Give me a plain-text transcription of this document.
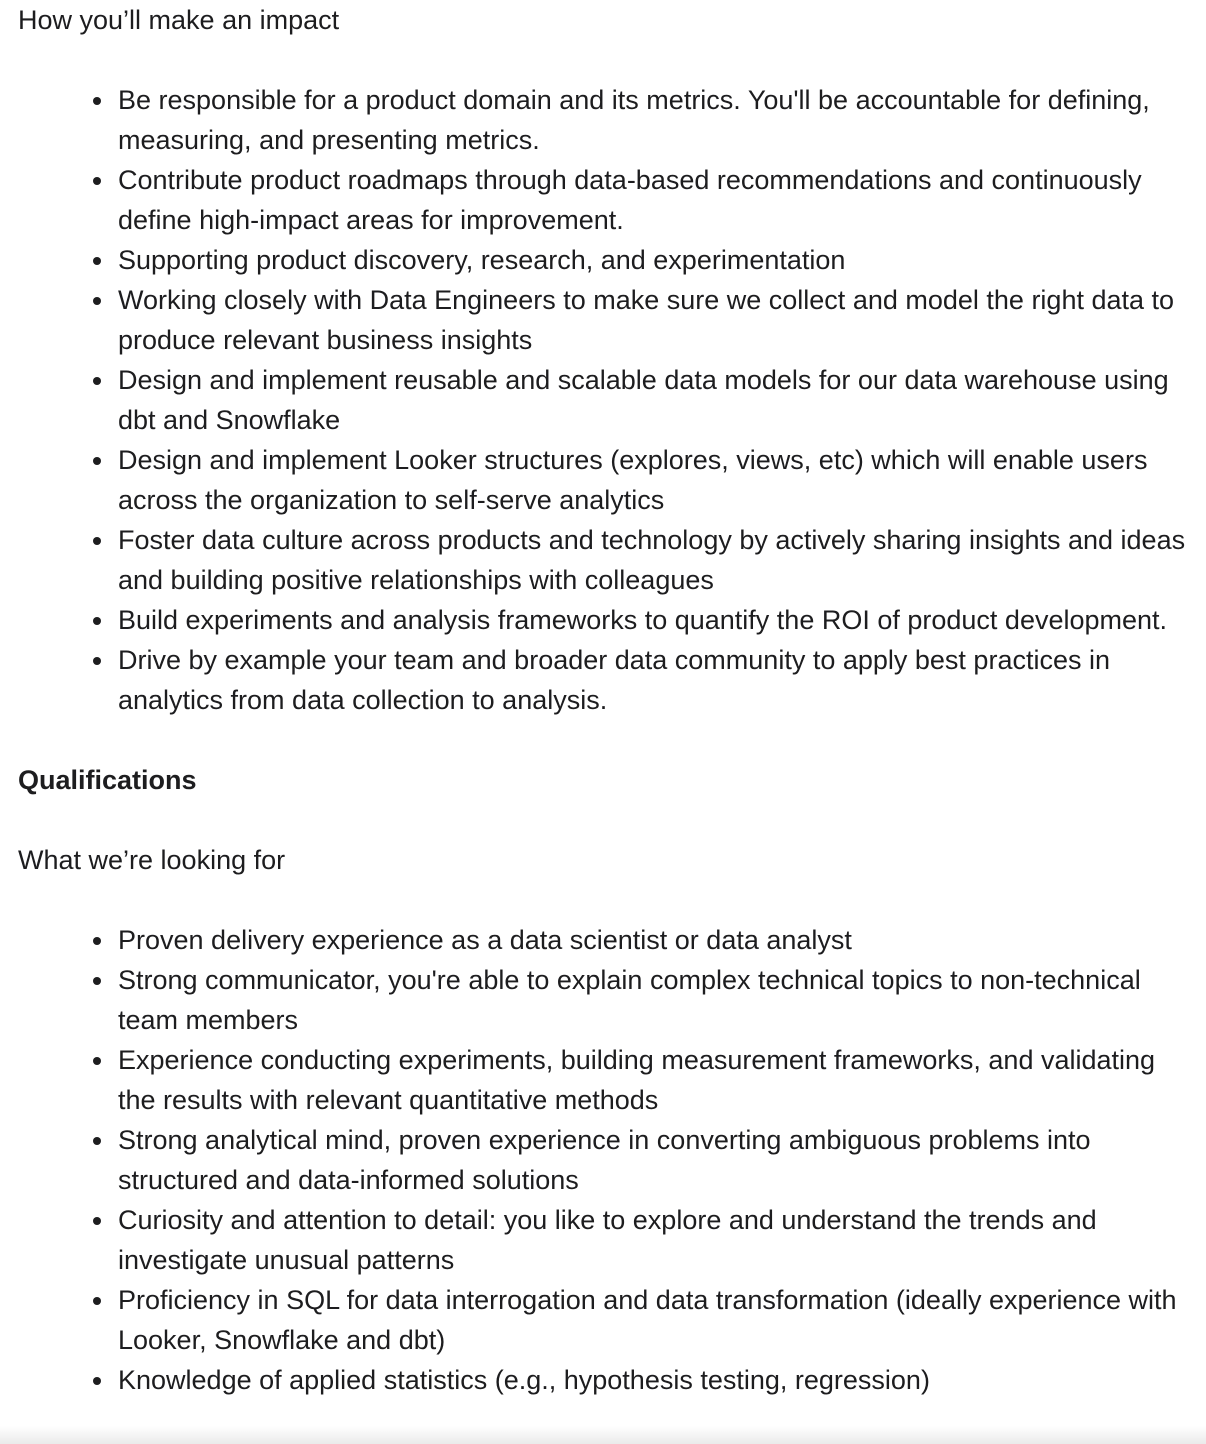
How you’ll make an impact

Be responsible for a product domain and its metrics. You'll be accountable for defining, measuring, and presenting metrics.
Contribute product roadmaps through data-based recommendations and continuously define high-impact areas for improvement.
Supporting product discovery, research, and experimentation
Working closely with Data Engineers to make sure we collect and model the right data to produce relevant business insights
Design and implement reusable and scalable data models for our data warehouse using dbt and Snowflake
Design and implement Looker structures (explores, views, etc) which will enable users across the organization to self-serve analytics
Foster data culture across products and technology by actively sharing insights and ideas and building positive relationships with colleagues
Build experiments and analysis frameworks to quantify the ROI of product development.
Drive by example your team and broader data community to apply best practices in analytics from data collection to analysis.

Qualifications

What we’re looking for

Proven delivery experience as a data scientist or data analyst
Strong communicator, you're able to explain complex technical topics to non-technical team members
Experience conducting experiments, building measurement frameworks, and validating the results with relevant quantitative methods
Strong analytical mind, proven experience in converting ambiguous problems into structured and data-informed solutions
Curiosity and attention to detail: you like to explore and understand the trends and investigate unusual patterns
Proficiency in SQL for data interrogation and data transformation (ideally experience with Looker, Snowflake and dbt)
Knowledge of applied statistics (e.g., hypothesis testing, regression)
